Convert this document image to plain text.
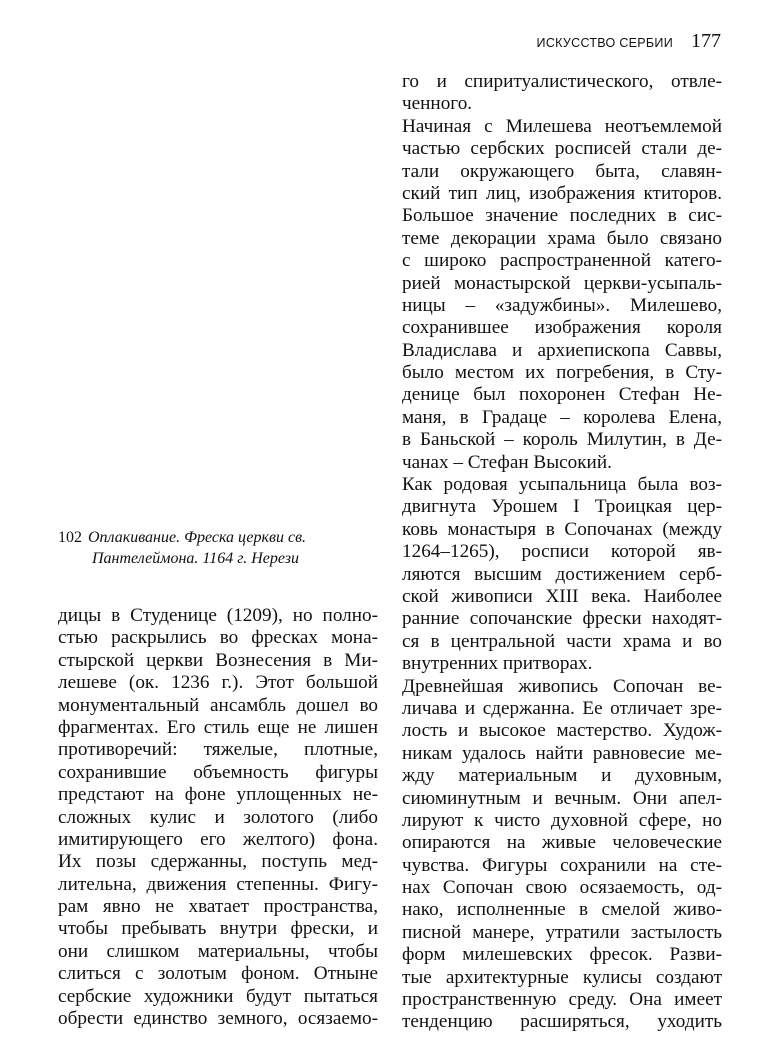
ИСКУССТВО СЕРБИИ 177
102 Оплакивание. Фреска церкви св.
Пантелеймона. 1164 г. Нерези
дицы в Студенице (1209), но полно-
стью раскрылись во фресках мона-
стырской церкви Вознесения в Ми-
лешеве (ок. 1236 г.). Этот большой
монументальный ансамбль дошел во
фрагментах. Его стиль еще не лишен
противоречий: тяжелые, плотные,
сохранившие объемность фигуры
предстают на фоне уплощенных не-
сложных кулис и золотого (либо
имитирующего его желтого) фона.
Их позы сдержанны, поступь мед-
лительна, движения степенны. Фигу-
рам явно не хватает пространства,
чтобы пребывать внутри фрески, и
они слишком материальны, чтобы
слиться с золотым фоном. Отныне
сербские художники будут пытаться
обрести единство земного, осязаемо-
го и спиритуалистического, отвле-
ченного.
Начиная с Милешева неотъемлемой
частью сербских росписей стали де-
тали окружающего быта, славян-
ский тип лиц, изображения ктиторов.
Большое значение последних в сис-
теме декорации храма было связано
с широко распространенной катего-
рией монастырской церкви-усыпаль-
ницы – «задужбины». Милешево,
сохранившее изображения короля
Владислава и архиепископа Саввы,
было местом их погребения, в Сту-
денице был похоронен Стефан Не-
маня, в Градаце – королева Елена,
в Баньской – король Милутин, в Де-
чанах – Стефан Высокий.
Как родовая усыпальница была воз-
двигнута Урошем I Троицкая цер-
ковь монастыря в Сопочанах (между
1264–1265), росписи которой яв-
ляются высшим достижением серб-
ской живописи XIII века. Наиболее
ранние сопочанские фрески находят-
ся в центральной части храма и во
внутренних притворах.
Древнейшая живопись Сопочан ве-
личава и сдержанна. Ее отличает зре-
лость и высокое мастерство. Худож-
никам удалось найти равновесие ме-
жду материальным и духовным,
сиюминутным и вечным. Они апел-
лируют к чисто духовной сфере, но
опираются на живые человеческие
чувства. Фигуры сохранили на сте-
нах Сопочан свою осязаемость, од-
нако, исполненные в смелой живо-
писной манере, утратили застылость
форм милешевских фресок. Разви-
тые архитектурные кулисы создают
пространственную среду. Она имеет
тенденцию расширяться, уходить
